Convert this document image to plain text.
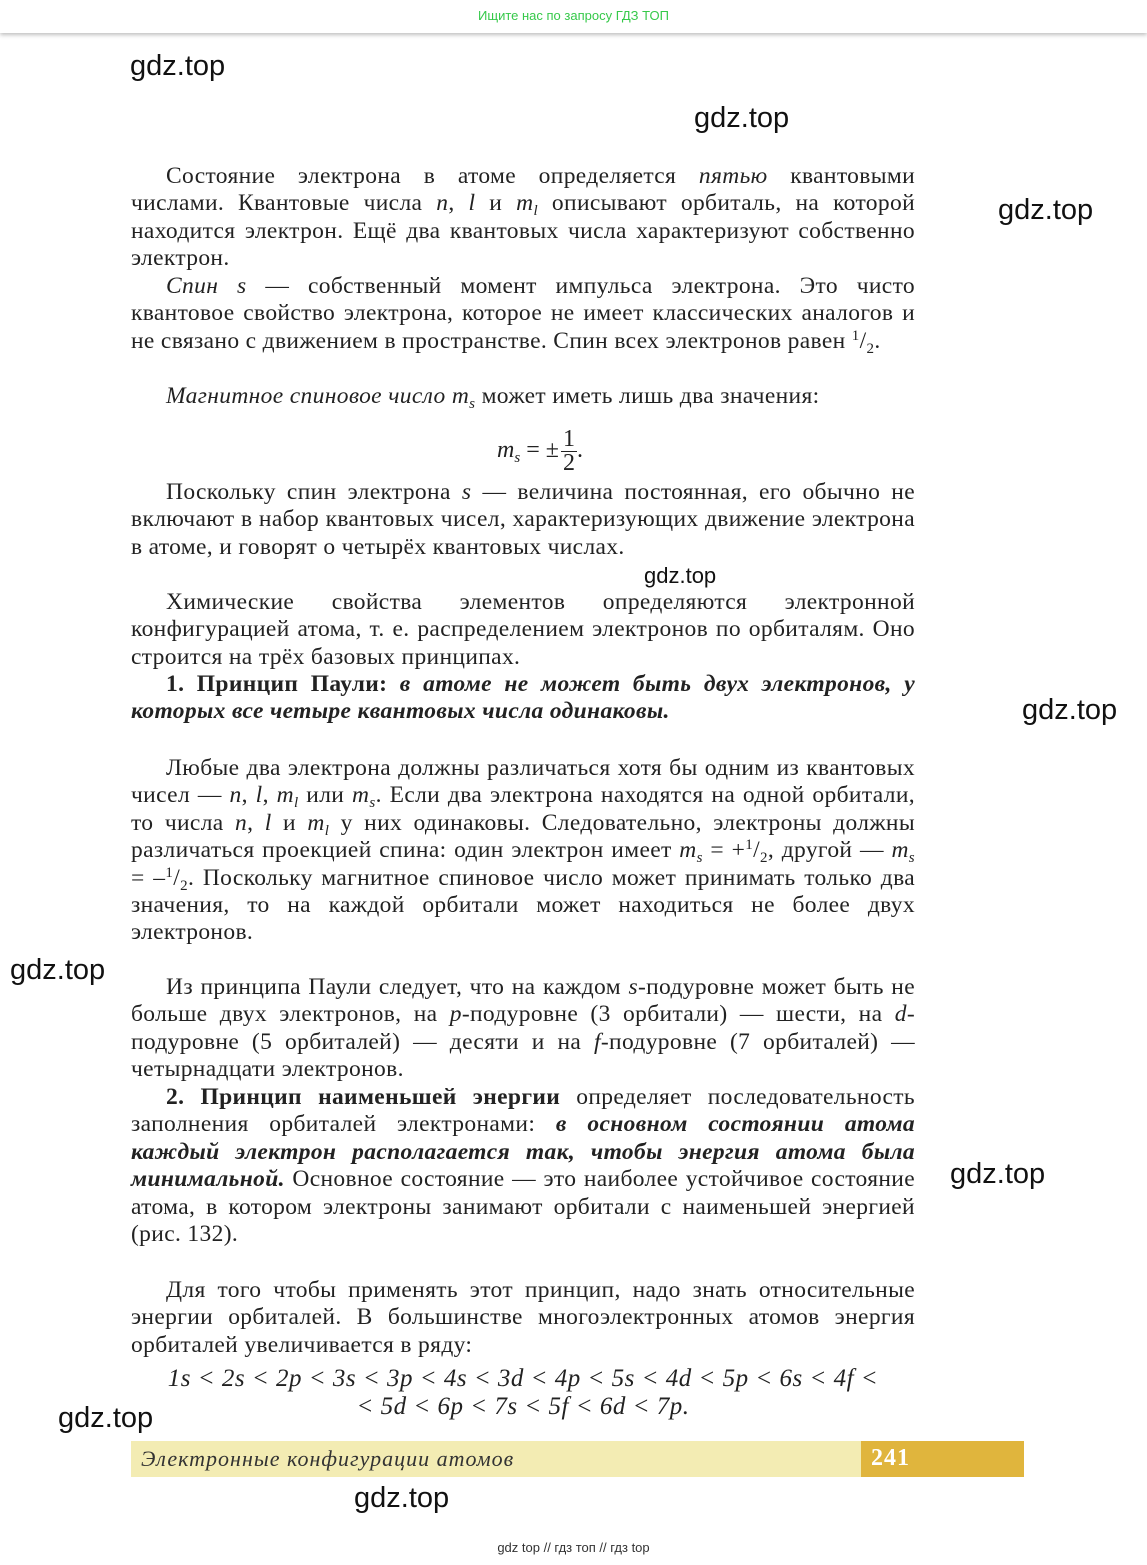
Ищите нас по запросу ГДЗ ТОП
gdz.top
gdz.top
gdz.top
gdz.top
gdz.top
gdz.top
gdz.top
gdz.top
gdz.top
Состояние электрона в атоме определяется пятью квантовыми числами. Квантовые числа n, l и $m_l$ описывают орбиталь, на которой находится электрон. Ещё два квантовых числа характеризуют собственно электрон.
Спин s — собственный момент импульса электрона. Это чисто квантовое свойство электрона, которое не имеет классических аналогов и не связано с движением в пространстве. Спин всех электронов равен $^1/_2$.
Магнитное спиновое число $m_s$ может иметь лишь два значения:
$m_s$ = ± $\frac{1}{2}$ .
Поскольку спин электрона s — величина постоянная, его обычно не включают в набор квантовых чисел, характеризующих движение электрона в атоме, и говорят о четырёх квантовых числах.
Химические свойства элементов определяются электронной конфигурацией атома, т. е. распределением электронов по орбиталям. Оно строится на трёх базовых принципах.
1. Принцип Паули: в атоме не может быть двух электронов, у которых все четыре квантовых числа одинаковы.
Любые два электрона должны различаться хотя бы одним из квантовых чисел — n, l, $m_l$ или $m_s$. Если два электрона находятся на одной орбитали, то числа n, l и $m_l$ у них одинаковы. Следовательно, электроны должны различаться проекцией спина: один электрон имеет $m_s = +^1/_2$, другой — $m_s = -^1/_2$. Поскольку магнитное спиновое число может принимать только два значения, то на каждой орбитали может находиться не более двух электронов.
Из принципа Паули следует, что на каждом s-подуровне может быть не больше двух электронов, на p-подуровне (3 орбитали) — шести, на d-подуровне (5 орбиталей) — десяти и на f-подуровне (7 орбиталей) — четырнадцати электронов.
2. Принцип наименьшей энергии определяет последовательность заполнения орбиталей электронами: в основном состоянии атома каждый электрон располагается так, чтобы энергия атома была минимальной. Основное состояние — это наиболее устойчивое состояние атома, в котором электроны занимают орбитали с наименьшей энергией (рис. 132).
Для того чтобы применять этот принцип, надо знать относительные энергии орбиталей. В большинстве многоэлектронных атомов энергия орбиталей увеличивается в ряду:
1s < 2s < 2p < 3s < 3p < 4s < 3d < 4p < 5s < 4d < 5p < 6s < 4f <
< 5d < 6p < 7s < 5f < 6d < 7p.
Электронные конфигурации атомов	241
gdz top // гдз топ // гдз top
